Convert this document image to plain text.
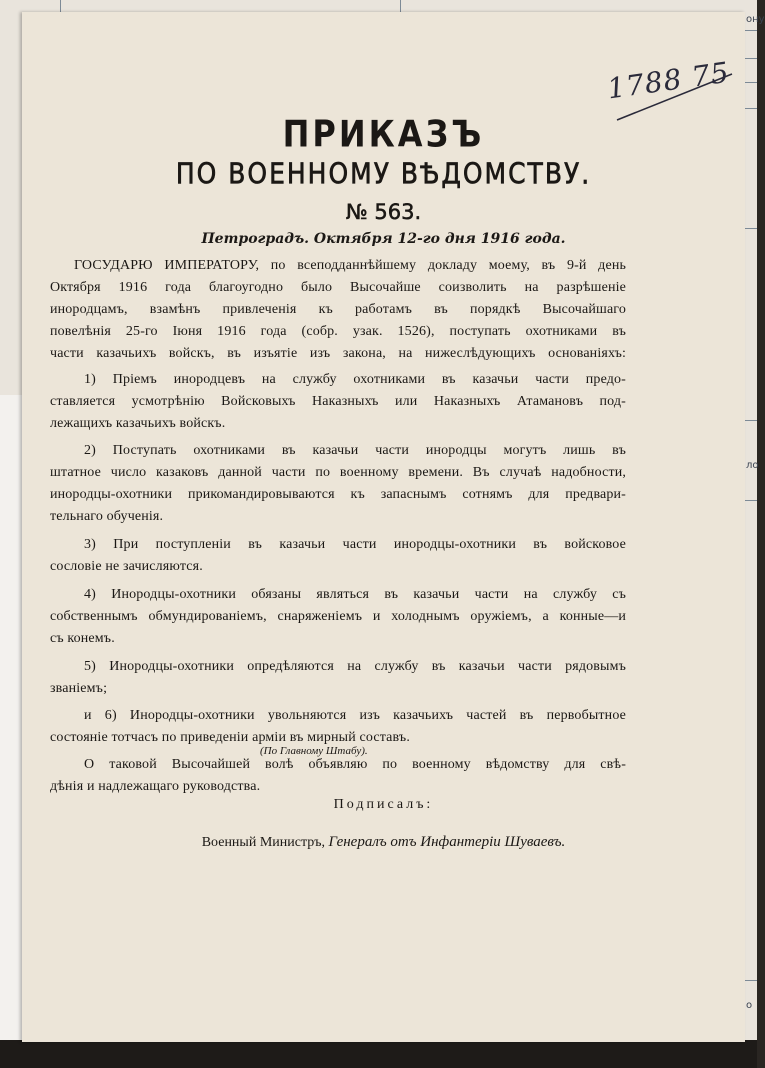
ону
ло
о
1788 75
ПРИКАЗЪ
ПО ВОЕННОМУ ВѢДОМСТВУ.
№ 563.
Петроградъ. Октября 12-го дня 1916 года.
ГОСУДАРЮ ИМПЕРАТОРУ, по всеподданнѣйшему докладу моему, въ 9-й день
Октября 1916 года благоугодно было Высочайше соизволить на разрѣшеніе
инородцамъ, взамѣнъ привлеченія къ работамъ въ порядкѣ Высочайшаго
повелѣнія 25-го Іюня 1916 года (собр. узак. 1526), поступать охотниками въ
части казачьихъ войскъ, въ изъятіе изъ закона, на нижеслѣдующихъ основаніяхъ:
1) Пріемъ инородцевъ на службу охотниками въ казачьи части предо-
ставляется усмотрѣнію Войсковыхъ Наказныхъ или Наказныхъ Атамановъ под-
лежащихъ казачьихъ войскъ.
2) Поступать охотниками въ казачьи части инородцы могутъ лишь въ
штатное число казаковъ данной части по военному времени. Въ случаѣ надобности,
инородцы-охотники прикомандировываются къ запаснымъ сотнямъ для предвари-
тельнаго обученія.
3) При поступленіи въ казачьи части инородцы-охотники въ войсковое
сословіе не зачисляются.
4) Инородцы-охотники обязаны являться въ казачьи части на службу съ
собственнымъ обмундированіемъ, снаряженіемъ и холоднымъ оружіемъ, а конные—и
съ конемъ.
5) Инородцы-охотники опредѣляются на службу въ казачьи части рядовымъ
званіемъ;
и 6) Инородцы-охотники увольняются изъ казачьихъ частей въ первобытное
состояніе тотчасъ по приведеніи арміи въ мирный составъ.
О таковой Высочайшей волѣ объявляю по военному вѣдомству для свѣ-
дѣнія и надлежащаго руководства.
(По Главному Штабу).
Подписалъ:
Военный Министръ, Генералъ отъ Инфантеріи Шуваевъ.
